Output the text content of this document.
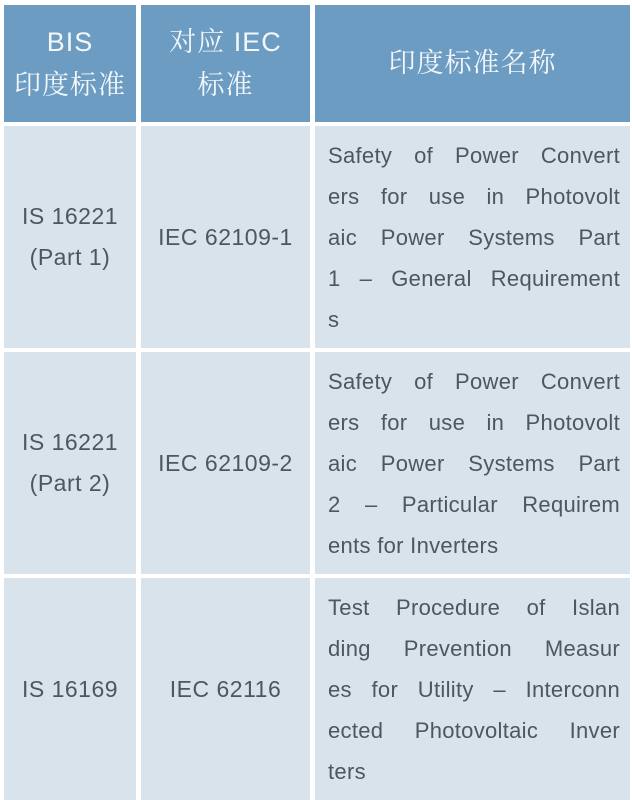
BIS
印度标准
对应 IEC
标准
印度标准名称
IS 16221
(Part 1)
IEC 62109-1
Safety of Power Convert
ers for use in Photovolt
aic Power Systems Part
1 – General Requirement
s
IS 16221
(Part 2)
IEC 62109-2
Safety of Power Convert
ers for use in Photovolt
aic Power Systems Part
2 – Particular Requirem
ents for Inverters
IS 16169	IEC 62116
Test Procedure of Islan
ding Prevention Measur
es for Utility – Interconn
ected Photovoltaic Inver
ters
